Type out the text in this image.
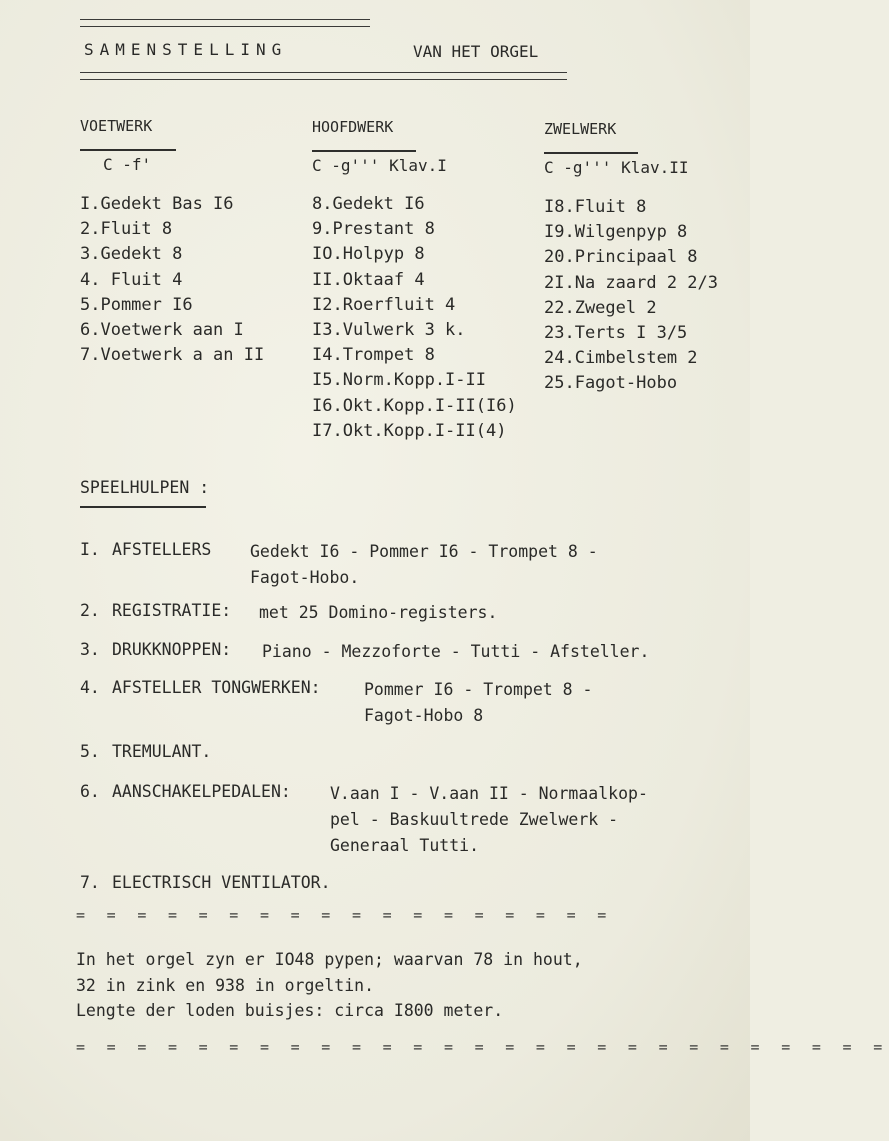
SAMENSTELLING	VAN HET ORGEL
VOETWERK
C -f'
I.Gedekt Bas I6
2.Fluit 8
3.Gedekt 8
4. Fluit 4
5.Pommer I6
6.Voetwerk aan I
7.Voetwerk a an II
HOOFDWERK
C -g''' Klav.I
8.Gedekt I6
9.Prestant 8
IO.Holpyp 8
II.Oktaaf 4
I2.Roerfluit 4
I3.Vulwerk 3 k.
I4.Trompet 8
I5.Norm.Kopp.I-II
I6.Okt.Kopp.I-II(I6)
I7.Okt.Kopp.I-II(4)
ZWELWERK
C -g''' Klav.II
I8.Fluit 8
I9.Wilgenpyp 8
20.Principaal 8
2I.Na zaard 2 2/3
22.Zwegel 2
23.Terts I 3/5
24.Cimbelstem 2
25.Fagot-Hobo
SPEELHULPEN :
I. AFSTELLERS Gedekt I6 - Pommer I6 - Trompet 8 -
Fagot-Hobo.
2. REGISTRATIE: met 25 Domino-registers.
3. DRUKKNOPPEN: Piano - Mezzoforte - Tutti - Afsteller.
4. AFSTELLER TONGWERKEN:	Pommer I6 - Trompet 8 -
Fagot-Hobo 8
5. TREMULANT.
6. AANSCHAKELPEDALEN: V.aan I - V.aan II - Normaalkop-
pel - Baskuultrede Zwelwerk -
Generaal Tutti.
7. ELECTRISCH VENTILATOR.
= = = = = = = = = = = = = = = = = =
In het orgel zyn er IO48 pypen; waarvan 78 in hout,
32 in zink en 938 in orgeltin.
Lengte der loden buisjes: circa I800 meter.
= = = = = = = = = = = = = = = = = = = = = = = = = = =
